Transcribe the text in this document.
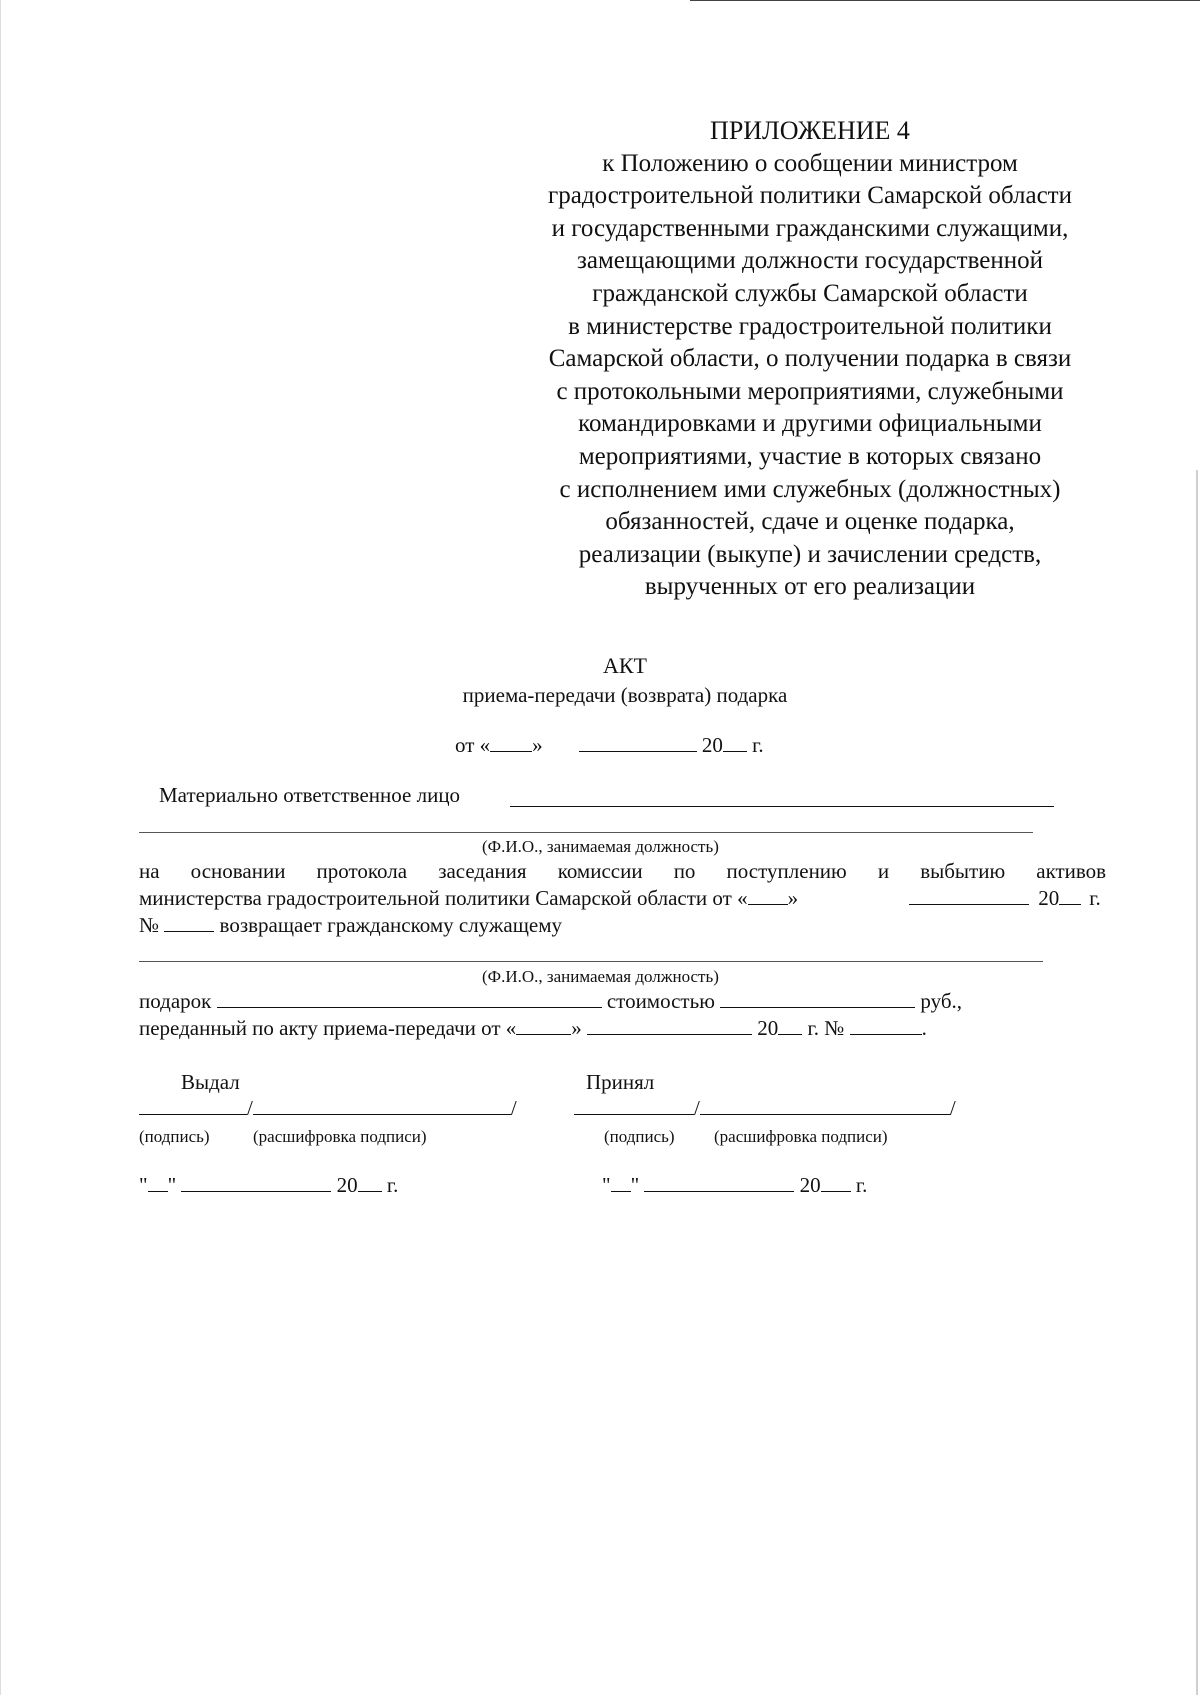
ПРИЛОЖЕНИЕ 4
к Положению о сообщении министром
градостроительной политики Самарской области
и государственными гражданскими служащими,
замещающими должности государственной
гражданской службы Самарской области
в министерстве градостроительной политики
Самарской области, о получении подарка в связи
с протокольными мероприятиями, служебными
командировками и другими официальными
мероприятиями, участие в которых связано
с исполнением ими служебных (должностных)
обязанностей, сдаче и оценке подарка,
реализации (выкупе) и зачислении средств,
вырученных от его реализации
АКТ
приема-передачи (возврата) подарка
от « »	20 г.
Материально ответственное лицо
(Ф.И.О., занимаемая должность)
на основании протокола заседания комиссии по поступлению и выбытию активов
министерства градостроительной политики Самарской области от « »	20 г.
№	возвращает гражданскому служащему
(Ф.И.О., занимаемая должность)
подарок	стоимостью	руб.,
переданный по акту приема-передачи от «	»	20 г. №	.
Выдал
/	/
(подпись)	(расшифровка подписи)
" "	20 г.
Принял
/	/
(подпись) (расшифровка подписи)
" "	20 г.
